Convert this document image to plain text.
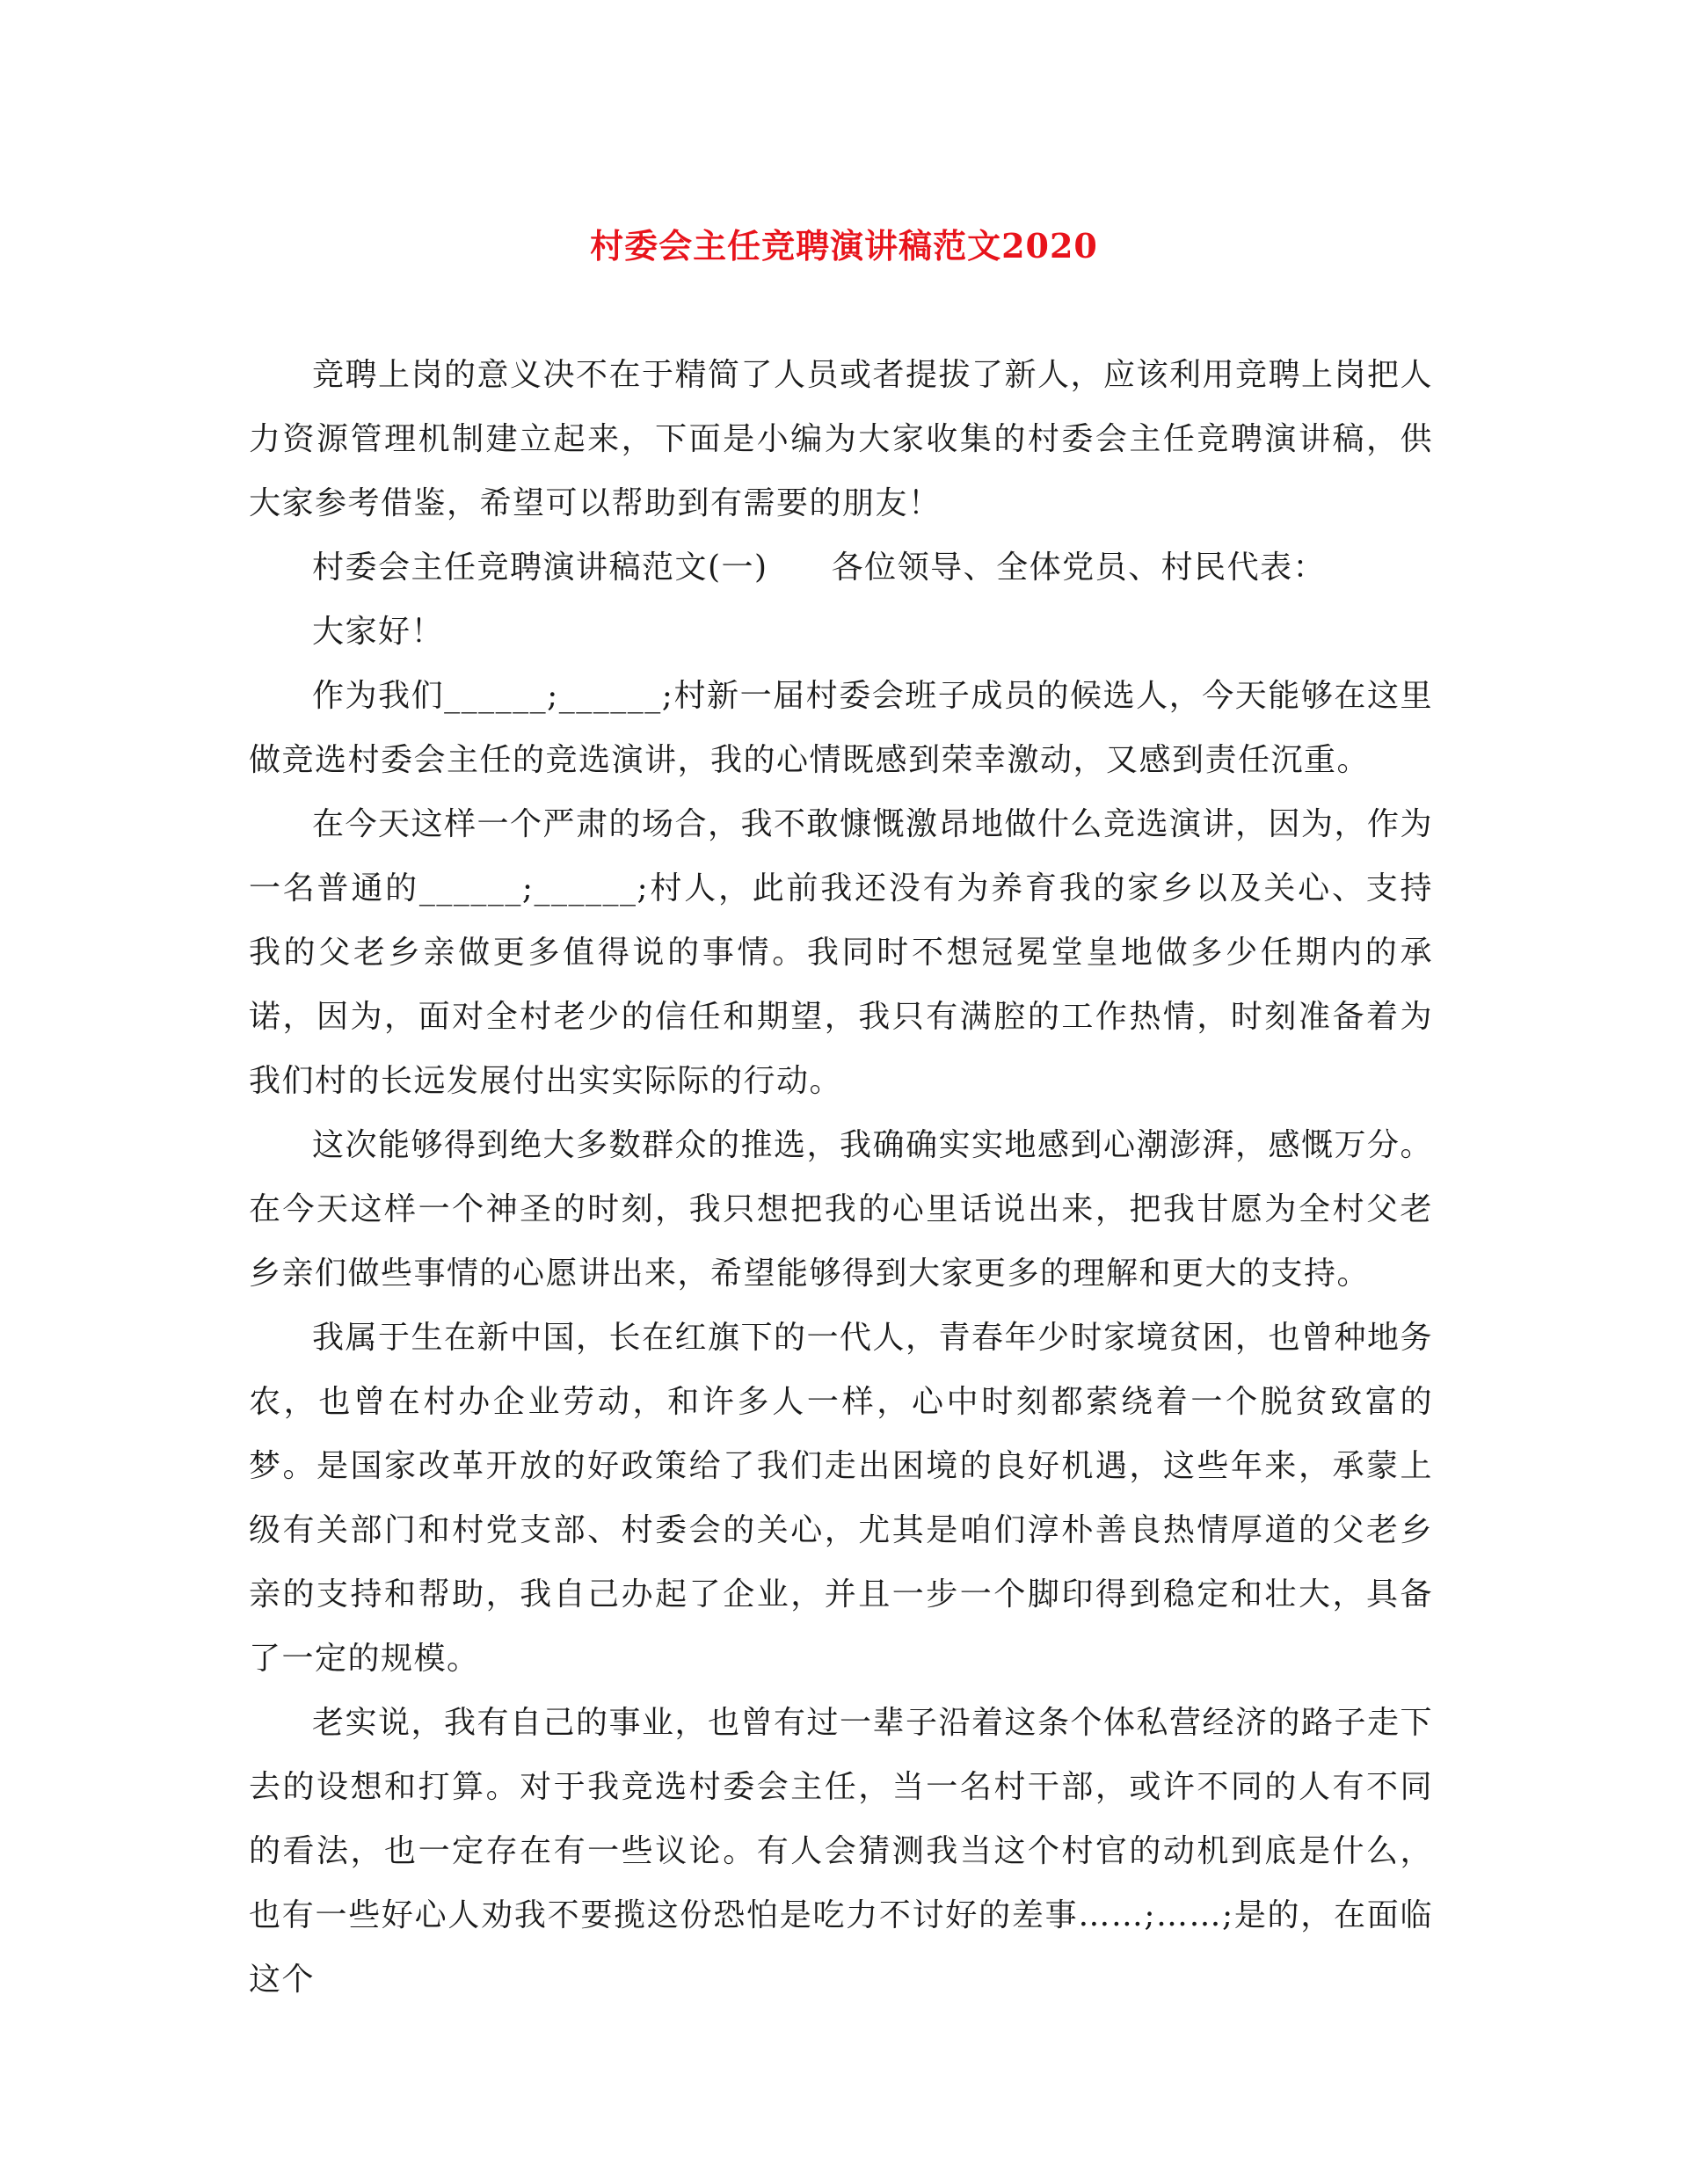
村委会主任竞聘演讲稿范文2020

竞聘上岗的意义决不在于精简了人员或者提拔了新人，应该利用竞聘上岗把人力资源管理机制建立起来，下面是小编为大家收集的村委会主任竞聘演讲稿，供大家参考借鉴，希望可以帮助到有需要的朋友！

村委会主任竞聘演讲稿范文(一) 各位领导、全体党员、村民代表：

大家好！

作为我们______;______;村新一届村委会班子成员的候选人，今天能够在这里做竞选村委会主任的竞选演讲，我的心情既感到荣幸激动，又感到责任沉重。

在今天这样一个严肃的场合，我不敢慷慨激昂地做什么竞选演讲，因为，作为一名普通的______;______;村人，此前我还没有为养育我的家乡以及关心、支持我的父老乡亲做更多值得说的事情。我同时不想冠冕堂皇地做多少任期内的承诺，因为，面对全村老少的信任和期望，我只有满腔的工作热情，时刻准备着为我们村的长远发展付出实实际际的行动。

这次能够得到绝大多数群众的推选，我确确实实地感到心潮澎湃，感慨万分。在今天这样一个神圣的时刻，我只想把我的心里话说出来，把我甘愿为全村父老乡亲们做些事情的心愿讲出来，希望能够得到大家更多的理解和更大的支持。

我属于生在新中国，长在红旗下的一代人，青春年少时家境贫困，也曾种地务农，也曾在村办企业劳动，和许多人一样，心中时刻都萦绕着一个脱贫致富的梦。是国家改革开放的好政策给了我们走出困境的良好机遇，这些年来，承蒙上级有关部门和村党支部、村委会的关心，尤其是咱们淳朴善良热情厚道的父老乡亲的支持和帮助，我自己办起了企业，并且一步一个脚印得到稳定和壮大，具备了一定的规模。

老实说，我有自己的事业，也曾有过一辈子沿着这条个体私营经济的路子走下去的设想和打算。对于我竞选村委会主任，当一名村干部，或许不同的人有不同的看法，也一定存在有一些议论。有人会猜测我当这个村官的动机到底是什么，也有一些好心人劝我不要揽这份恐怕是吃力不讨好的差事……;……;是的，在面临这个
